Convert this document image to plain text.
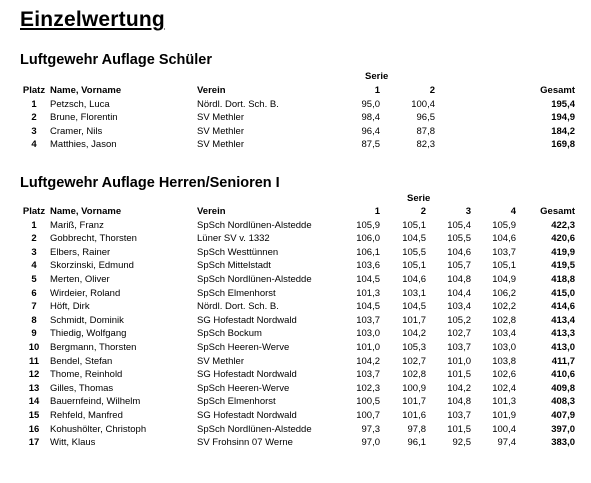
Einzelwertung
Luftgewehr Auflage Schüler
Serie
Platz	Name, Vorname	Verein	1	2	Gesamt
1	Petzsch, Luca	Nördl. Dort. Sch. B.	95,0	100,4	195,4
2	Brune, Florentin	SV Methler	98,4	96,5	194,9
3	Cramer, Nils	SV Methler	96,4	87,8	184,2
4	Matthies, Jason	SV Methler	87,5	82,3	169,8
Luftgewehr Auflage Herren/Senioren I
Serie
Platz	Name, Vorname	Verein	1	2	3	4	Gesamt
1	Mariß, Franz	SpSch Nordlünen-Alstedde	105,9	105,1	105,4	105,9	422,3
2	Gobbrecht, Thorsten	Lüner SV v. 1332	106,0	104,5	105,5	104,6	420,6
3	Elbers, Rainer	SpSch Westtünnen	106,1	105,5	104,6	103,7	419,9
4	Skorzinski, Edmund	SpSch Mittelstadt	103,6	105,1	105,7	105,1	419,5
5	Merten, Oliver	SpSch Nordlünen-Alstedde	104,5	104,6	104,8	104,9	418,8
6	Wirdeier, Roland	SpSch Elmenhorst	101,3	103,1	104,4	106,2	415,0
7	Höft, Dirk	Nördl. Dort. Sch. B.	104,5	104,5	103,4	102,2	414,6
8	Schmidt, Dominik	SG Hofestadt Nordwald	103,7	101,7	105,2	102,8	413,4
9	Thiedig, Wolfgang	SpSch Bockum	103,0	104,2	102,7	103,4	413,3
10	Bergmann, Thorsten	SpSch Heeren-Werve	101,0	105,3	103,7	103,0	413,0
11	Bendel, Stefan	SV Methler	104,2	102,7	101,0	103,8	411,7
12	Thome, Reinhold	SG Hofestadt Nordwald	103,7	102,8	101,5	102,6	410,6
13	Gilles, Thomas	SpSch Heeren-Werve	102,3	100,9	104,2	102,4	409,8
14	Bauernfeind, Wilhelm	SpSch Elmenhorst	100,5	101,7	104,8	101,3	408,3
15	Rehfeld, Manfred	SG Hofestadt Nordwald	100,7	101,6	103,7	101,9	407,9
16	Kohushölter, Christoph	SpSch Nordlünen-Alstedde	97,3	97,8	101,5	100,4	397,0
17	Witt, Klaus	SV Frohsinn 07 Werne	97,0	96,1	92,5	97,4	383,0
